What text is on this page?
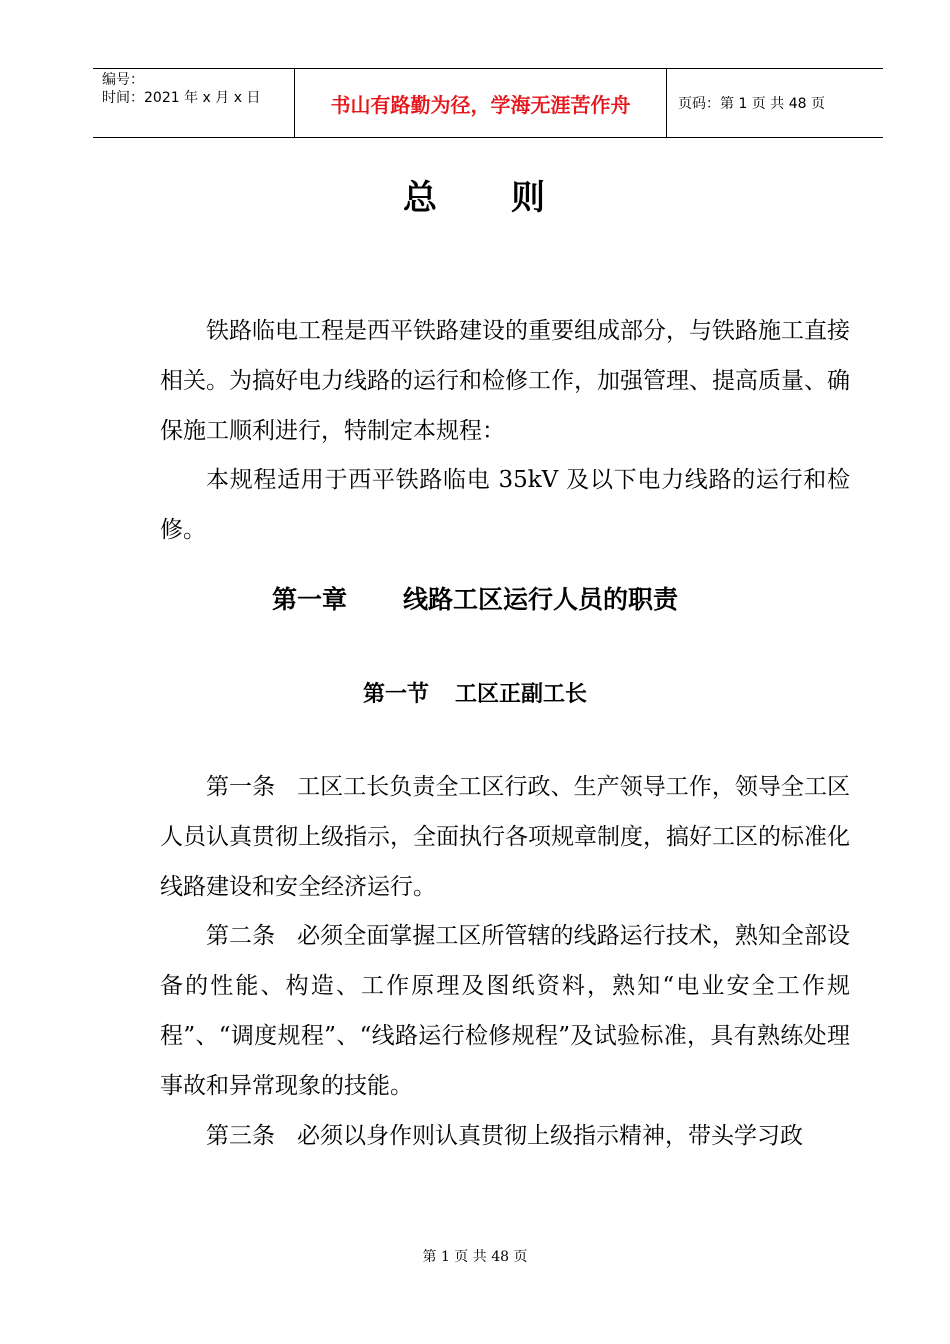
编号：
时间：2021 年 x 月 x 日	书山有路勤为径，学海无涯苦作舟	页码：第 1 页 共 48 页
总 则

铁路临电工程是西平铁路建设的重要组成部分，与铁路施工直接相关。为搞好电力线路的运行和检修工作，加强管理、提高质量、确保施工顺利进行，特制定本规程：

本规程适用于西平铁路临电 35kV 及以下电力线路的运行和检修。

第一章 线路工区运行人员的职责
第一节 工区正副工长

第一条 工区工长负责全工区行政、生产领导工作，领导全工区人员认真贯彻上级指示，全面执行各项规章制度，搞好工区的标准化线路建设和安全经济运行。

第二条 必须全面掌握工区所管辖的线路运行技术，熟知全部设备的性能、构造、工作原理及图纸资料，熟知“电业安全工作规程”、“调度规程”、“线路运行检修规程”及试验标准，具有熟练处理事故和异常现象的技能。

第三条 必须以身作则认真贯彻上级指示精神，带头学习政

第 1 页 共 48 页
